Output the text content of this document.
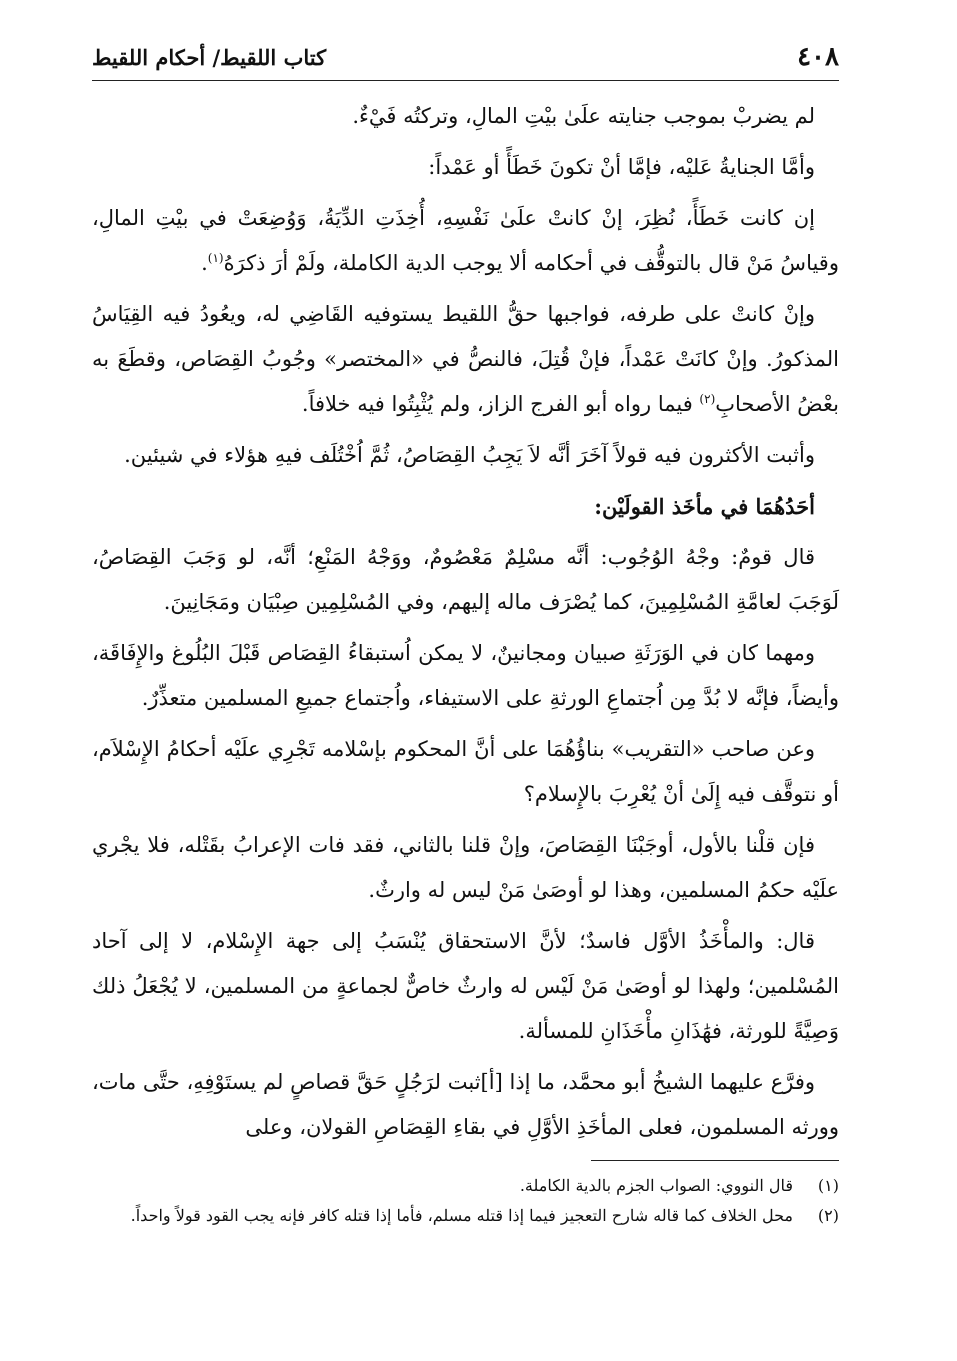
٤٠٨
كتاب اللقيط/ أحكام اللقيط

لم يضربْ بموجب جنايته علَىٰ بيْتِ المالِ، وتركتُه فَيْءٌ.

وأمَّا الجنايةُ عَليْه، فإمَّا أنْ تكونَ خَطَأً أو عَمْداً:

إن كانت خَطَأً، نُظِرَ، إنْ كانتْ علَىٰ نَفْسِهِ، أُخِذَتِ الدِّيَةُ، وَوُضِعَتْ في بيْتِ المالِ، وقياسُ مَنْ قال بالتوقُّف في أحكامه ألا يوجب الدية الكاملة، ولَمْ أرَ ذكرَهُ$^{(١)}$.

وإنْ كانتْ على طرفه، فواجبها حقُّ اللقيط يستوفيه القَاضِي له، ويعُودُ فيه القِيَاسُ المذكورُ. وإنْ كانَتْ عَمْداً، فإنْ قُتِلَ، فالنصُّ في «المختصر» وجُوبُ القِصَاص، وقطَعَ به بعْضُ الأصحابِ$^{(٢)}$ فيما رواه أبو الفرج الزاز، ولم يُثْبِتُوا فيه خلافاً.

وأثبت الأكثرون فيه قولاً آخَرَ أنَّه لاَ يَجِبُ القِصَاصُ، ثُمَّ اُخْتُلَف فيهِ هؤلاء في شيئين.

أحَدُهُمَا في مأخَذ القولَيْن:

قال قومٌ: وجْهُ الوُجُوب: أنَّه مسْلِمٌ مَعْصُومٌ، ووَجْهُ المَنْعِ؛ أنَّه، لو وَجَبَ القِصَاصُ، لَوَجَبَ لعامَّةِ المُسْلِمِينَ، كما يُصْرَف ماله إليهم، وفي المُسْلِمِين صِبْيَان ومَجَانِينَ.

ومهما كان في الوَرَثَةِ صبيان ومجانينٌ، لا يمكن اُستبقاءُ القِصَاص قَبْلَ البُلُوغ والإِفَاقَة، وأيضاً، فإنَّه لا بُدَّ مِن اُجتماعِ الورثةِ على الاستيفاء، واُجتماع جميعِ المسلمين متعذِّرٌ.

وعن صاحب «التقريب» بناؤُهُمَا على أنَّ المحكوم بإسْلامه تَجْرِي علَيْه أحكامُ الإِسْلاَم، أو نتوقَّف فيه إِلَىٰ أنْ يُعْرِبَ بالإِسلام؟

فإن قلْنا بالأول، أوجَبْنَا القِصَاصَ، وإنْ قلنا بالثاني، فقد فات الإعرابُ بقَتْله، فلا يجْري علَيْه حكمُ المسلمين، وهذا لو أوصَىٰ مَنْ ليس له وارثٌ.

قال: والمأْخَذُ الأوَّل فاسدٌ؛ لأنَّ الاستحقاق يُنْسَبُ إلى جهة الإِسْلام، لا إلى آحاد المُسْلمين؛ ولهذا لو أوصَىٰ مَنْ لَيْس له وارثٌ خاصٌّ لجماعةٍ من المسلمين، لا يُجْعَلُ ذلك وَصِيَّةً للورثة، فهَٰذَانِ مأْخَذَانِ للمسألة.

وفرَّع عليهما الشيخُ أبو محمَّد، ما إذا [أ]ثبت لرَجُلٍ حَقَّ قصاصٍ لم يستَوْفِهِ، حتَّى مات، وورثه المسلمون، فعلى المأخَذِ الأوَّلِ في بقاءِ القِصَاصِ القولان، وعلى

(١)
قال النووي: الصواب الجزم بالدية الكاملة.
(٢)
محل الخلاف كما قاله شارح التعجيز فيما إذا قتله مسلم، فأما إذا قتله كافر فإنه يجب القود قولاً واحداً.
